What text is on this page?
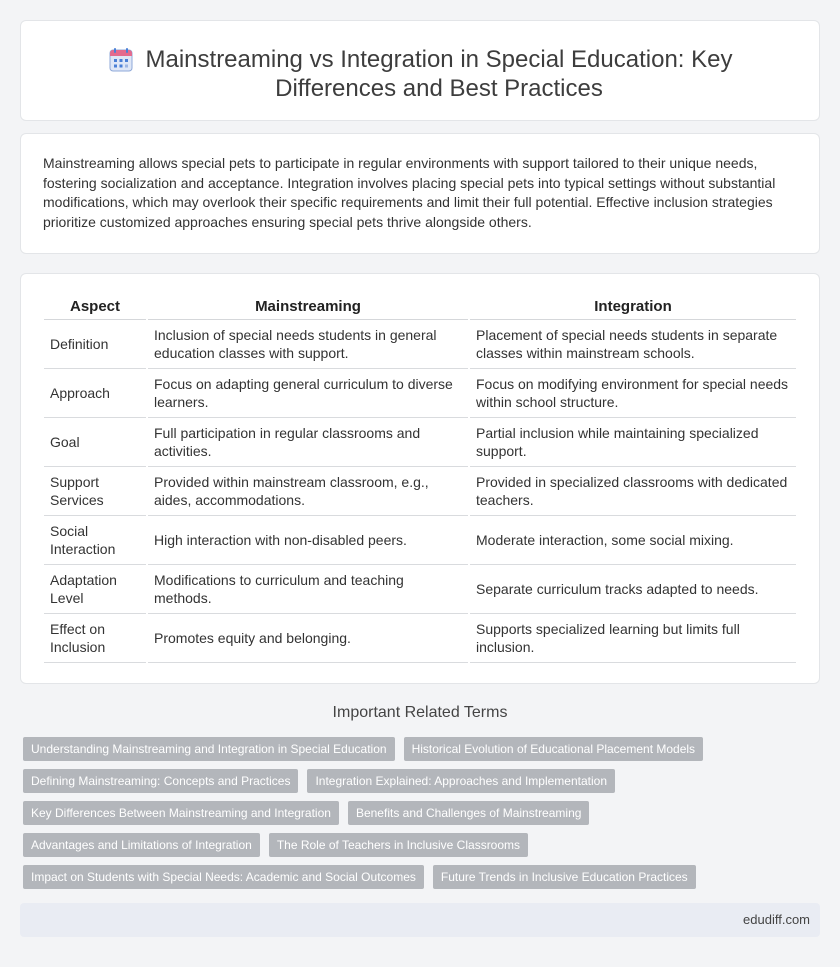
Mainstreaming vs Integration in Special Education: Key Differences and Best Practices

Mainstreaming allows special pets to participate in regular environments with support tailored to their unique needs, fostering socialization and acceptance. Integration involves placing special pets into typical settings without substantial modifications, which may overlook their specific requirements and limit their full potential. Effective inclusion strategies prioritize customized approaches ensuring special pets thrive alongside others.

Aspect	Mainstreaming	Integration
Definition	Inclusion of special needs students in general education classes with support.	Placement of special needs students in separate classes within mainstream schools.
Approach	Focus on adapting general curriculum to diverse learners.	Focus on modifying environment for special needs within school structure.
Goal	Full participation in regular classrooms and activities.	Partial inclusion while maintaining specialized support.
Support Services	Provided within mainstream classroom, e.g., aides, accommodations.	Provided in specialized classrooms with dedicated teachers.
Social Interaction	High interaction with non-disabled peers.	Moderate interaction, some social mixing.
Adaptation Level	Modifications to curriculum and teaching methods.	Separate curriculum tracks adapted to needs.
Effect on Inclusion	Promotes equity and belonging.	Supports specialized learning but limits full inclusion.
Important Related Terms
Understanding Mainstreaming and Integration in Special Education	Historical Evolution of Educational Placement Models
Defining Mainstreaming: Concepts and Practices	Integration Explained: Approaches and Implementation
Key Differences Between Mainstreaming and Integration	Benefits and Challenges of Mainstreaming
Advantages and Limitations of Integration	The Role of Teachers in Inclusive Classrooms
Impact on Students with Special Needs: Academic and Social Outcomes	Future Trends in Inclusive Education Practices
edudiff.com
